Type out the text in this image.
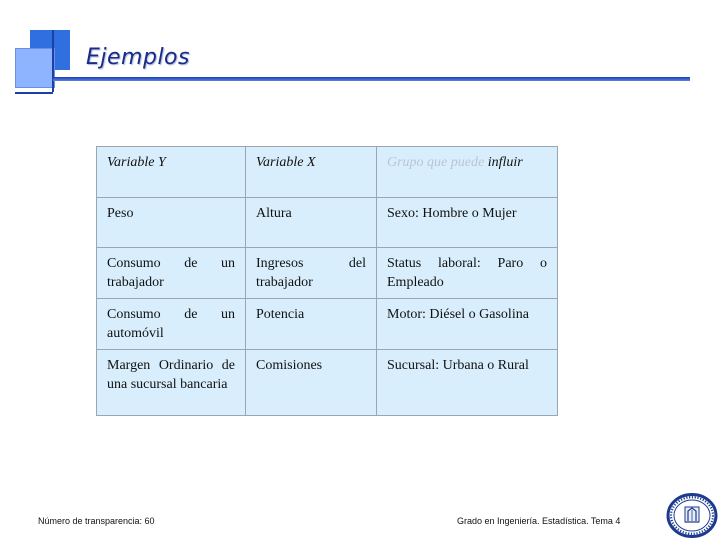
Ejemplos
Variable Y	Variable X	Grupo que puede influir
Peso	Altura	Sexo: Hombre o Mujer
Consumo de un trabajador	Ingresos del trabajador	Status laboral: Paro o Empleado
Consumo de un automóvil	Potencia	Motor: Diésel o Gasolina
Margen Ordinario de una sucursal bancaria	Comisiones	Sucursal: Urbana o Rural
Número de transparencia: 60	Grado en Ingeniería. Estadística. Tema 4
